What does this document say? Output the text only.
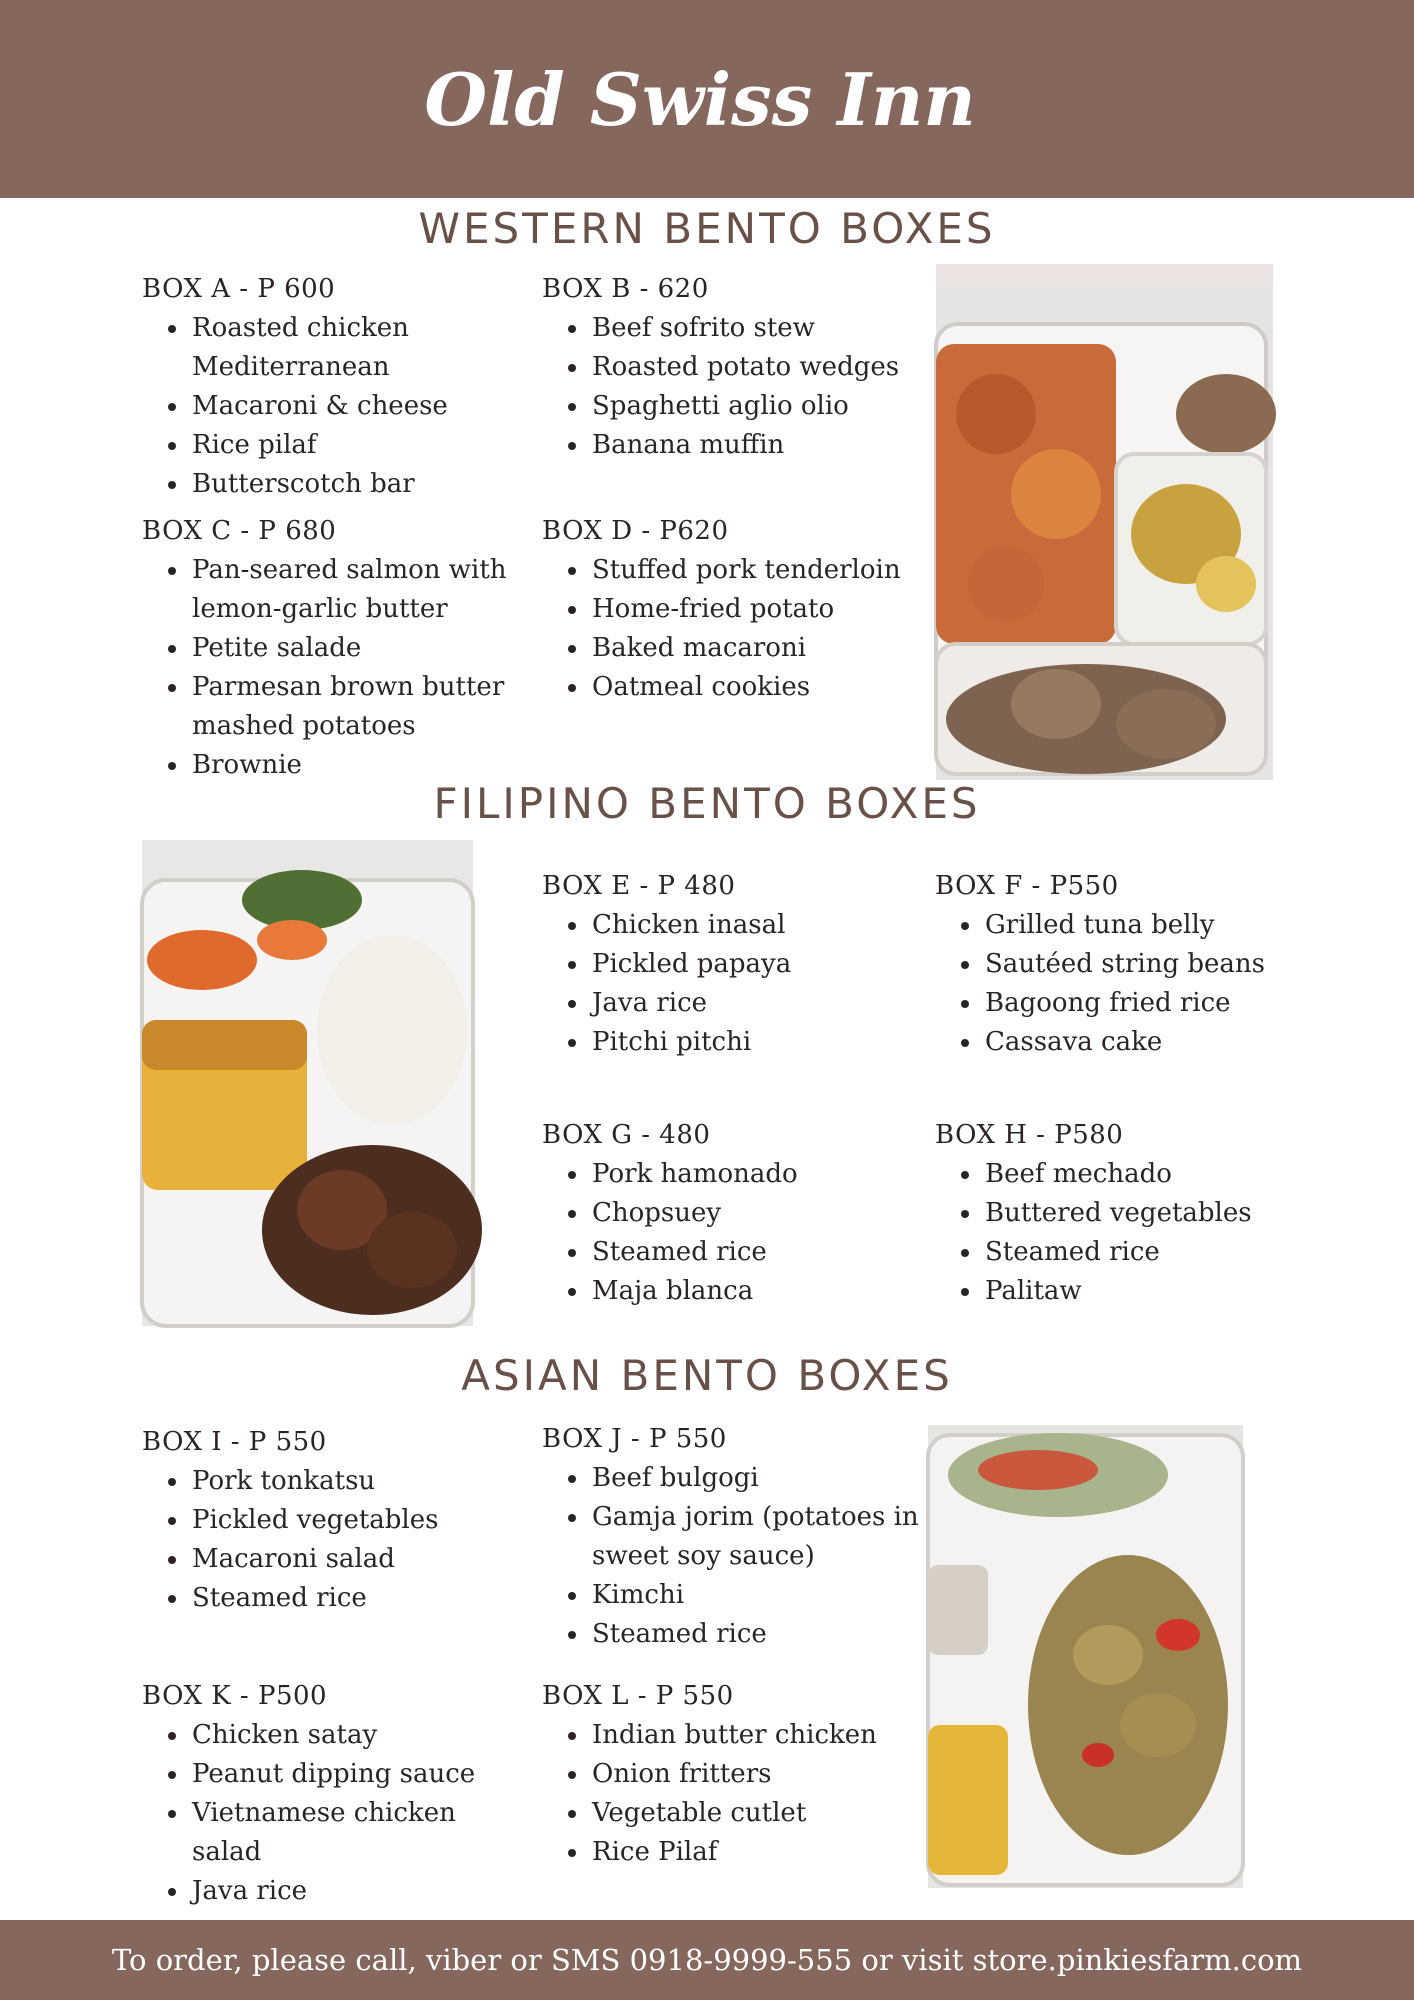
Old Swiss Inn
WESTERN BENTO BOXES
BOX A - P 600
• Roasted chicken Mediterranean
• Macaroni & cheese
• Rice pilaf
• Butterscotch bar
BOX B - 620
• Beef sofrito stew
• Roasted potato wedges
• Spaghetti aglio olio
• Banana muffin
BOX C - P 680
• Pan-seared salmon with lemon-garlic butter
• Petite salade
• Parmesan brown butter mashed potatoes
• Brownie
BOX D - P620
• Stuffed pork tenderloin
• Home-fried potato
• Baked macaroni
• Oatmeal cookies
FILIPINO BENTO BOXES
BOX E - P 480
• Chicken inasal
• Pickled papaya
• Java rice
• Pitchi pitchi
BOX F - P550
• Grilled tuna belly
• Sautéed string beans
• Bagoong fried rice
• Cassava cake
BOX G - 480
• Pork hamonado
• Chopsuey
• Steamed rice
• Maja blanca
BOX H - P580
• Beef mechado
• Buttered vegetables
• Steamed rice
• Palitaw
ASIAN BENTO BOXES
BOX I - P 550
• Pork tonkatsu
• Pickled vegetables
• Macaroni salad
• Steamed rice
BOX J - P 550
• Beef bulgogi
• Gamja jorim (potatoes in sweet soy sauce)
• Kimchi
• Steamed rice
BOX K - P500
• Chicken satay
• Peanut dipping sauce
• Vietnamese chicken salad
• Java rice
BOX L - P 550
• Indian butter chicken
• Onion fritters
• Vegetable cutlet
• Rice Pilaf
To order, please call, viber or SMS 0918-9999-555 or visit store.pinkiesfarm.com
